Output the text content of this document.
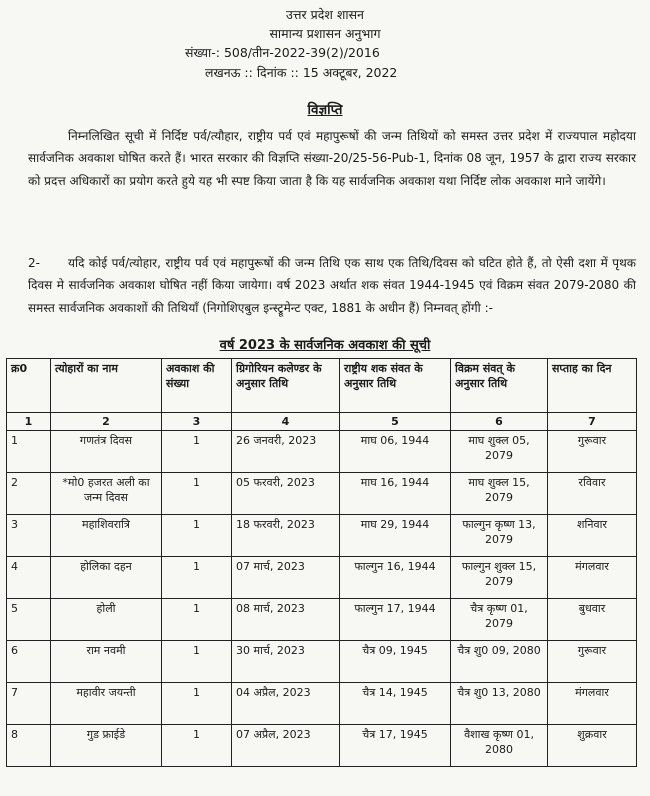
उत्तर प्रदेश शासन
सामान्य प्रशासन अनुभाग
संख्या-: 508/तीन-2022-39(2)/2016
लखनऊ :: दिनांक :: 15 अक्टूबर, 2022
विज्ञप्ति
निम्नलिखित सूची में निर्दिष्ट पर्व/त्यौहार, राष्ट्रीय पर्व एवं महापुरूषों की जन्म तिथियों को समस्त उत्तर प्रदेश में राज्यपाल महोदया सार्वजनिक अवकाश घोषित करते हैं। भारत सरकार की विज्ञप्ति संख्या-20/25-56-Pub-1, दिनांक 08 जून, 1957 के द्वारा राज्य सरकार को प्रदत्त अधिकारों का प्रयोग करते हुये यह भी स्पष्ट किया जाता है कि यह सार्वजनिक अवकाश यथा निर्दिष्ट लोक अवकाश माने जायेंगे।
2- यदि कोई पर्व/त्योहार, राष्ट्रीय पर्व एवं महापुरूषों की जन्म तिथि एक साथ एक तिथि/दिवस को घटित होते हैं, तो ऐसी दशा में पृथक दिवस मे सार्वजनिक अवकाश घोषित नहीं किया जायेगा। वर्ष 2023 अर्थात शक संवत 1944-1945 एवं विक्रम संवत 2079-2080 की समस्त सार्वजनिक अवकाशों की तिथियाँ (निगोशिएबुल इन्स्ट्रूमेन्ट एक्ट, 1881 के अधीन हैं) निम्नवत् होंगी :-
वर्ष 2023 के सार्वजनिक अवकाश की सूची
क्र0	त्योहारों का नाम	अवकाश की संख्या	ग्रिगोरियन कलेण्डर के अनुसार तिथि	राष्ट्रीय शक संवत के अनुसार तिथि	विक्रम संवत् के अनुसार तिथि	सप्ताह का दिन
1	2	3	4	5	6	7
1	गणतंत्र दिवस	1	26 जनवरी, 2023	माघ 06, 1944	माघ शुक्ल 05, 2079	गुरूवार
2	*मो0 हजरत अली का जन्म दिवस	1	05 फरवरी, 2023	माघ 16, 1944	माघ शुक्ल 15, 2079	रविवार
3	महाशिवरात्रि	1	18 फरवरी, 2023	माघ 29, 1944	फाल्गुन कृष्ण 13, 2079	शनिवार
4	होलिका दहन	1	07 मार्च, 2023	फाल्गुन 16, 1944	फाल्गुन शुक्ल 15, 2079	मंगलवार
5	होली	1	08 मार्च, 2023	फाल्गुन 17, 1944	चैत्र कृष्ण 01, 2079	बुधवार
6	राम नवमी	1	30 मार्च, 2023	चैत्र 09, 1945	चैत्र शु0 09, 2080	गुरूवार
7	महावीर जयन्ती	1	04 अप्रैल, 2023	चैत्र 14, 1945	चैत्र शु0 13, 2080	मंगलवार
8	गुड फ्राईडे	1	07 अप्रैल, 2023	चैत्र 17, 1945	वैशाख कृष्ण 01, 2080	शुक्रवार
